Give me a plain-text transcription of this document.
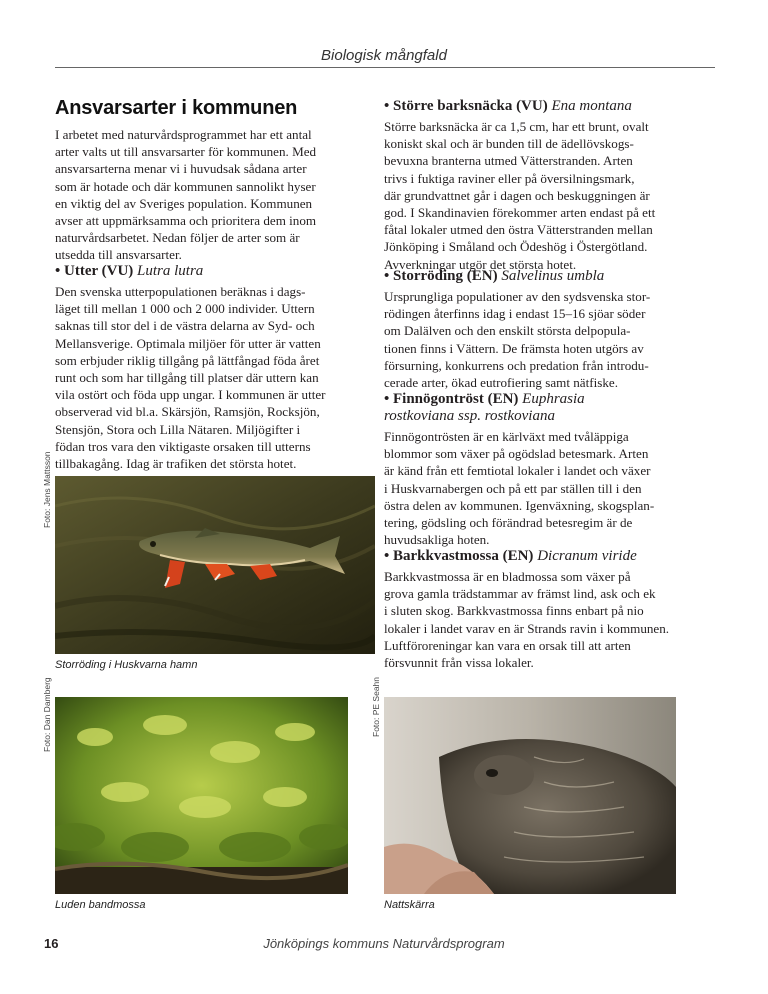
Biologisk mångfald
Ansvarsarter i kommunen

I arbetet med naturvårdsprogrammet har ett antal
arter valts ut till ansvarsarter för kommunen. Med
ansvarsarterna menar vi i huvudsak sådana arter
som är hotade och där kommunen sannolikt hyser
en viktig del av Sveriges population. Kommunen
avser att uppmärksamma och prioritera dem inom
naturvårdsarbetet. Nedan följer de arter som är
utsedda till ansvarsarter.

• Utter (VU) Lutra lutra

Den svenska utterpopulationen beräknas i dags-
läget till mellan 1 000 och 2 000 individer. Uttern
saknas till stor del i de västra delarna av Syd- och
Mellansverige. Optimala miljöer för utter är vatten
som erbjuder riklig tillgång på lättfångad föda året
runt och som har tillgång till platser där uttern kan
vila ostört och föda upp ungar. I kommunen är utter
observerad vid bl.a. Skärsjön, Ramsjön, Rocksjön,
Stensjön, Stora och Lilla Nätaren. Miljögifter i
födan tros vara den viktigaste orsaken till utterns
tillbakagång. Idag är trafiken det största hotet.

Foto: Jens Mattsson
Storröding i Huskvarna hamn
Foto: Dan Damberg
Luden bandmossa

• Större barksnäcka (VU) Ena montana

Större barksnäcka är ca 1,5 cm, har ett brunt, ovalt
koniskt skal och är bunden till de ädellövskogs-
bevuxna branterna utmed Vätterstranden. Arten
trivs i fuktiga raviner eller på översilningsmark,
där grundvattnet går i dagen och beskuggningen är
god. I Skandinavien förekommer arten endast på ett
fåtal lokaler utmed den östra Vätterstranden mellan
Jönköping i Småland och Ödeshög i Östergötland.
Avverkningar utgör det största hotet.

• Storröding (EN) Salvelinus umbla

Ursprungliga populationer av den sydsvenska stor-
rödingen återfinns idag i endast 15–16 sjöar söder
om Dalälven och den enskilt största delpopula-
tionen finns i Vättern. De främsta hoten utgörs av
försurning, konkurrens och predation från introdu-
cerade arter, ökad eutrofiering samt nätfiske.

• Finnögontröst (EN) Euphrasia
rostkoviana ssp. rostkoviana

Finnögontrösten är en kärlväxt med tvåläppiga
blommor som växer på ogödslad betesmark. Arten
är känd från ett femtiotal lokaler i landet och växer
i Huskvarnabergen och på ett par ställen till i den
östra delen av kommunen. Igenväxning, skogsplan-
tering, gödsling och förändrad betesregim är de
huvudsakliga hoten.

• Barkkvastmossa (EN) Dicranum viride

Barkkvastmossa är en bladmossa som växer på
grova gamla trädstammar av främst lind, ask och ek
i sluten skog. Barkkvastmossa finns enbart på nio
lokaler i landet varav en är Strands ravin i kommunen.
Luftföroreningar kan vara en orsak till att arten
försvunnit från vissa lokaler.

Foto: PE Seahn
Nattskärra
16	Jönköpings kommuns Naturvårdsprogram
